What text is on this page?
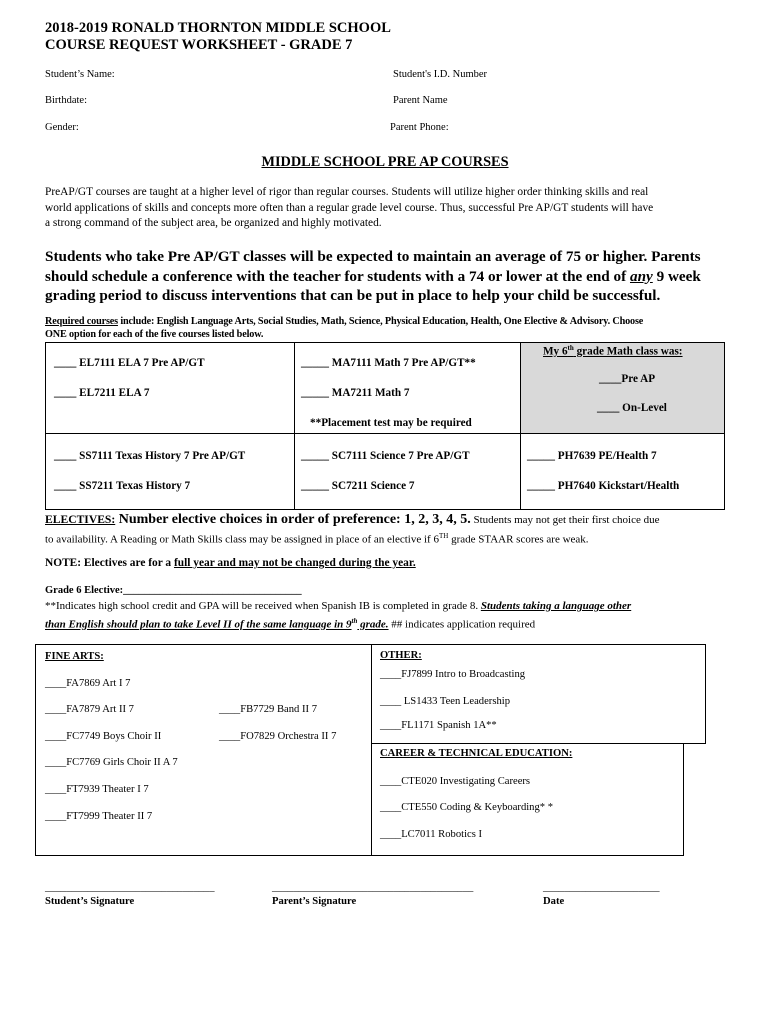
2018-2019 RONALD THORNTON MIDDLE SCHOOL
COURSE REQUEST WORKSHEET - GRADE 7
Student’s Name:	Student's I.D. Number
Birthdate:	Parent Name
Gender:	Parent Phone:
MIDDLE SCHOOL PRE AP COURSES
PreAP/GT courses are taught at a higher level of rigor than regular courses. Students will utilize higher order thinking skills and real
world applications of skills and concepts more often than a regular grade level course. Thus, successful Pre AP/GT students will have
a strong command of the subject area, be organized and highly motivated.
Students who take Pre AP/GT classes will be expected to maintain an average of 75 or higher. Parents
should schedule a conference with the teacher for students with a 74 or lower at the end of any 9 week
grading period to discuss interventions that can be put in place to help your child be successful.
Required courses include: English Language Arts, Social Studies, Math, Science, Physical Education, Health, One Elective & Advisory. Choose
ONE option for each of the five courses listed below.
____ EL7111 ELA 7 Pre AP/GT
____ EL7211 ELA 7
_____ MA7111 Math 7 Pre AP/GT**
_____ MA7211 Math 7
**Placement test may be required
My 6th grade Math class was:
____Pre AP
____ On-Level
____ SS7111 Texas History 7 Pre AP/GT
____ SS7211 Texas History 7
_____ SC7111 Science 7 Pre AP/GT
_____ SC7211 Science 7
_____ PH7639 PE/Health 7
_____ PH7640 Kickstart/Health
ELECTIVES: Number elective choices in order of preference: 1, 2, 3, 4, 5. Students may not get their first choice due
to availability. A Reading or Math Skills class may be assigned in place of an elective if 6TH grade STAAR scores are weak.
NOTE: Electives are for a full year and may not be changed during the year.
Grade 6 Elective:__________________________________
**Indicates high school credit and GPA will be received when Spanish IB is completed in grade 8. Students taking a language other
than English should plan to take Level II of the same language in 9th grade. ## indicates application required
FINE ARTS:
____FA7869 Art I 7
____FA7879 Art II 7	____FB7729 Band II 7
____FC7749 Boys Choir II	____FO7829 Orchestra II 7
____FC7769 Girls Choir II A 7
____FT7939 Theater I 7
____FT7999 Theater II 7
OTHER:
____FJ7899 Intro to Broadcasting
____ LS1433 Teen Leadership
____FL1171 Spanish 1A**
CAREER & TECHNICAL EDUCATION:
____CTE020 Investigating Careers
____CTE550 Coding & Keyboarding* *
____LC7011 Robotics I
________________________________
Student’s Signature
______________________________________
Parent’s Signature
______________________
Date
